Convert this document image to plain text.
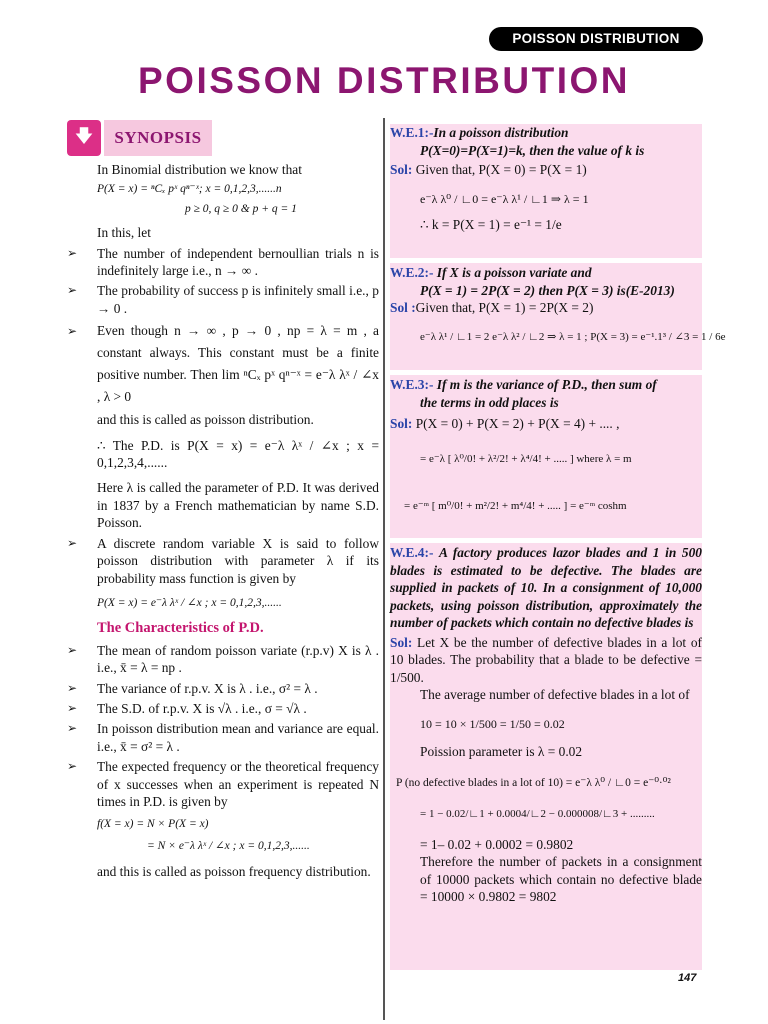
POISSON DISTRIBUTION
POISSON DISTRIBUTION
🡇	SYNOPSIS

In Binomial distribution we know that

P(X = x) = ⁿCₓ pˣ qⁿ⁻ˣ; x = 0,1,2,3,......n
p ≥ 0, q ≥ 0 & p + q = 1

In this, let

➢ The number of independent bernoullian trials n is indefinitely large i.e., n → ∞ .

➢ The probability of success p is infinitely small i.e., p → 0 .

➢ Even though n → ∞ , p → 0 , np = λ = m , a constant always. This constant must be a finite positive number. Then lim ⁿCₓ pˣ qⁿ⁻ˣ = e⁻λ λˣ / ∠x , λ > 0

and this is called as poisson distribution.

∴ The P.D. is P(X = x) = e⁻λ λˣ / ∠x ; x = 0,1,2,3,4,......

Here λ is called the parameter of P.D. It was derived in 1837 by a French mathematician by name S.D. Poisson.

➢ A discrete random variable X is said to follow poisson distribution with parameter λ if its probability mass function is given by

P(X = x) = e⁻λ λˣ / ∠x ; x = 0,1,2,3,......
The Characteristics of P.D.

➢ The mean of random poisson variate (r.p.v) X is λ . i.e., x̄ = λ = np .

➢ The variance of r.p.v. X is λ . i.e., σ² = λ .

➢ The S.D. of r.p.v. X is √λ . i.e., σ = √λ .

➢ In poisson distribution mean and variance are equal. i.e., x̄ = σ² = λ .

➢ The expected frequency or the theoretical frequency of x successes when an experiment is repeated N times in P.D. is given by

f(X = x) = N × P(X = x)
= N × e⁻λ λˣ / ∠x ; x = 0,1,2,3,......

and this is called as poisson frequency distribution.

W.E.1:-In a poisson distribution
P(X=0)=P(X=1)=k, then the value of k is
Sol: Given that, P(X = 0) = P(X = 1)
e⁻λ λ⁰ / ∟0 = e⁻λ λ¹ / ∟1 ⇒ λ = 1
∴ k = P(X = 1) = e⁻¹ = 1/e
W.E.2:- If X is a poisson variate and
P(X = 1) = 2P(X = 2) then P(X = 3) is(E-2013)
Sol :Given that, P(X = 1) = 2P(X = 2)
e⁻λ λ¹ / ∟1 = 2 e⁻λ λ² / ∟2 ⇒ λ = 1 ; P(X = 3) = e⁻¹.1³ / ∠3 = 1 / 6e
W.E.3:- If m is the variance of P.D., then sum of
the terms in odd places is
Sol: P(X = 0) + P(X = 2) + P(X = 4) + .... ,
= e⁻λ [ λ⁰/0! + λ²/2! + λ⁴/4! + ..... ] where λ = m
= e⁻ᵐ [ m⁰/0! + m²/2! + m⁴/4! + ..... ] = e⁻ᵐ coshm
W.E.4:- A factory produces lazor blades and 1 in 500 blades is estimated to be defective. The blades are supplied in packets of 10. In a consignment of 10,000 packets, using poisson distribution, approximately the number of packets which contain no defective blades is
Sol: Let X be the number of defective blades in a lot of 10 blades. The probability that a blade to be defective = 1/500.
The average number of defective blades in a lot of
10 = 10 × 1/500 = 1/50 = 0.02
Poission parameter is λ = 0.02
P (no defective blades in a lot of 10) = e⁻λ λ⁰ / ∟0 = e⁻⁰·⁰²
= 1 − 0.02/∟1 + 0.0004/∟2 − 0.000008/∟3 + .........
= 1– 0.02 + 0.0002 = 0.9802
Therefore the number of packets in a consignment of 10000 packets which contain no defective blade = 10000 × 0.9802 = 9802
147
